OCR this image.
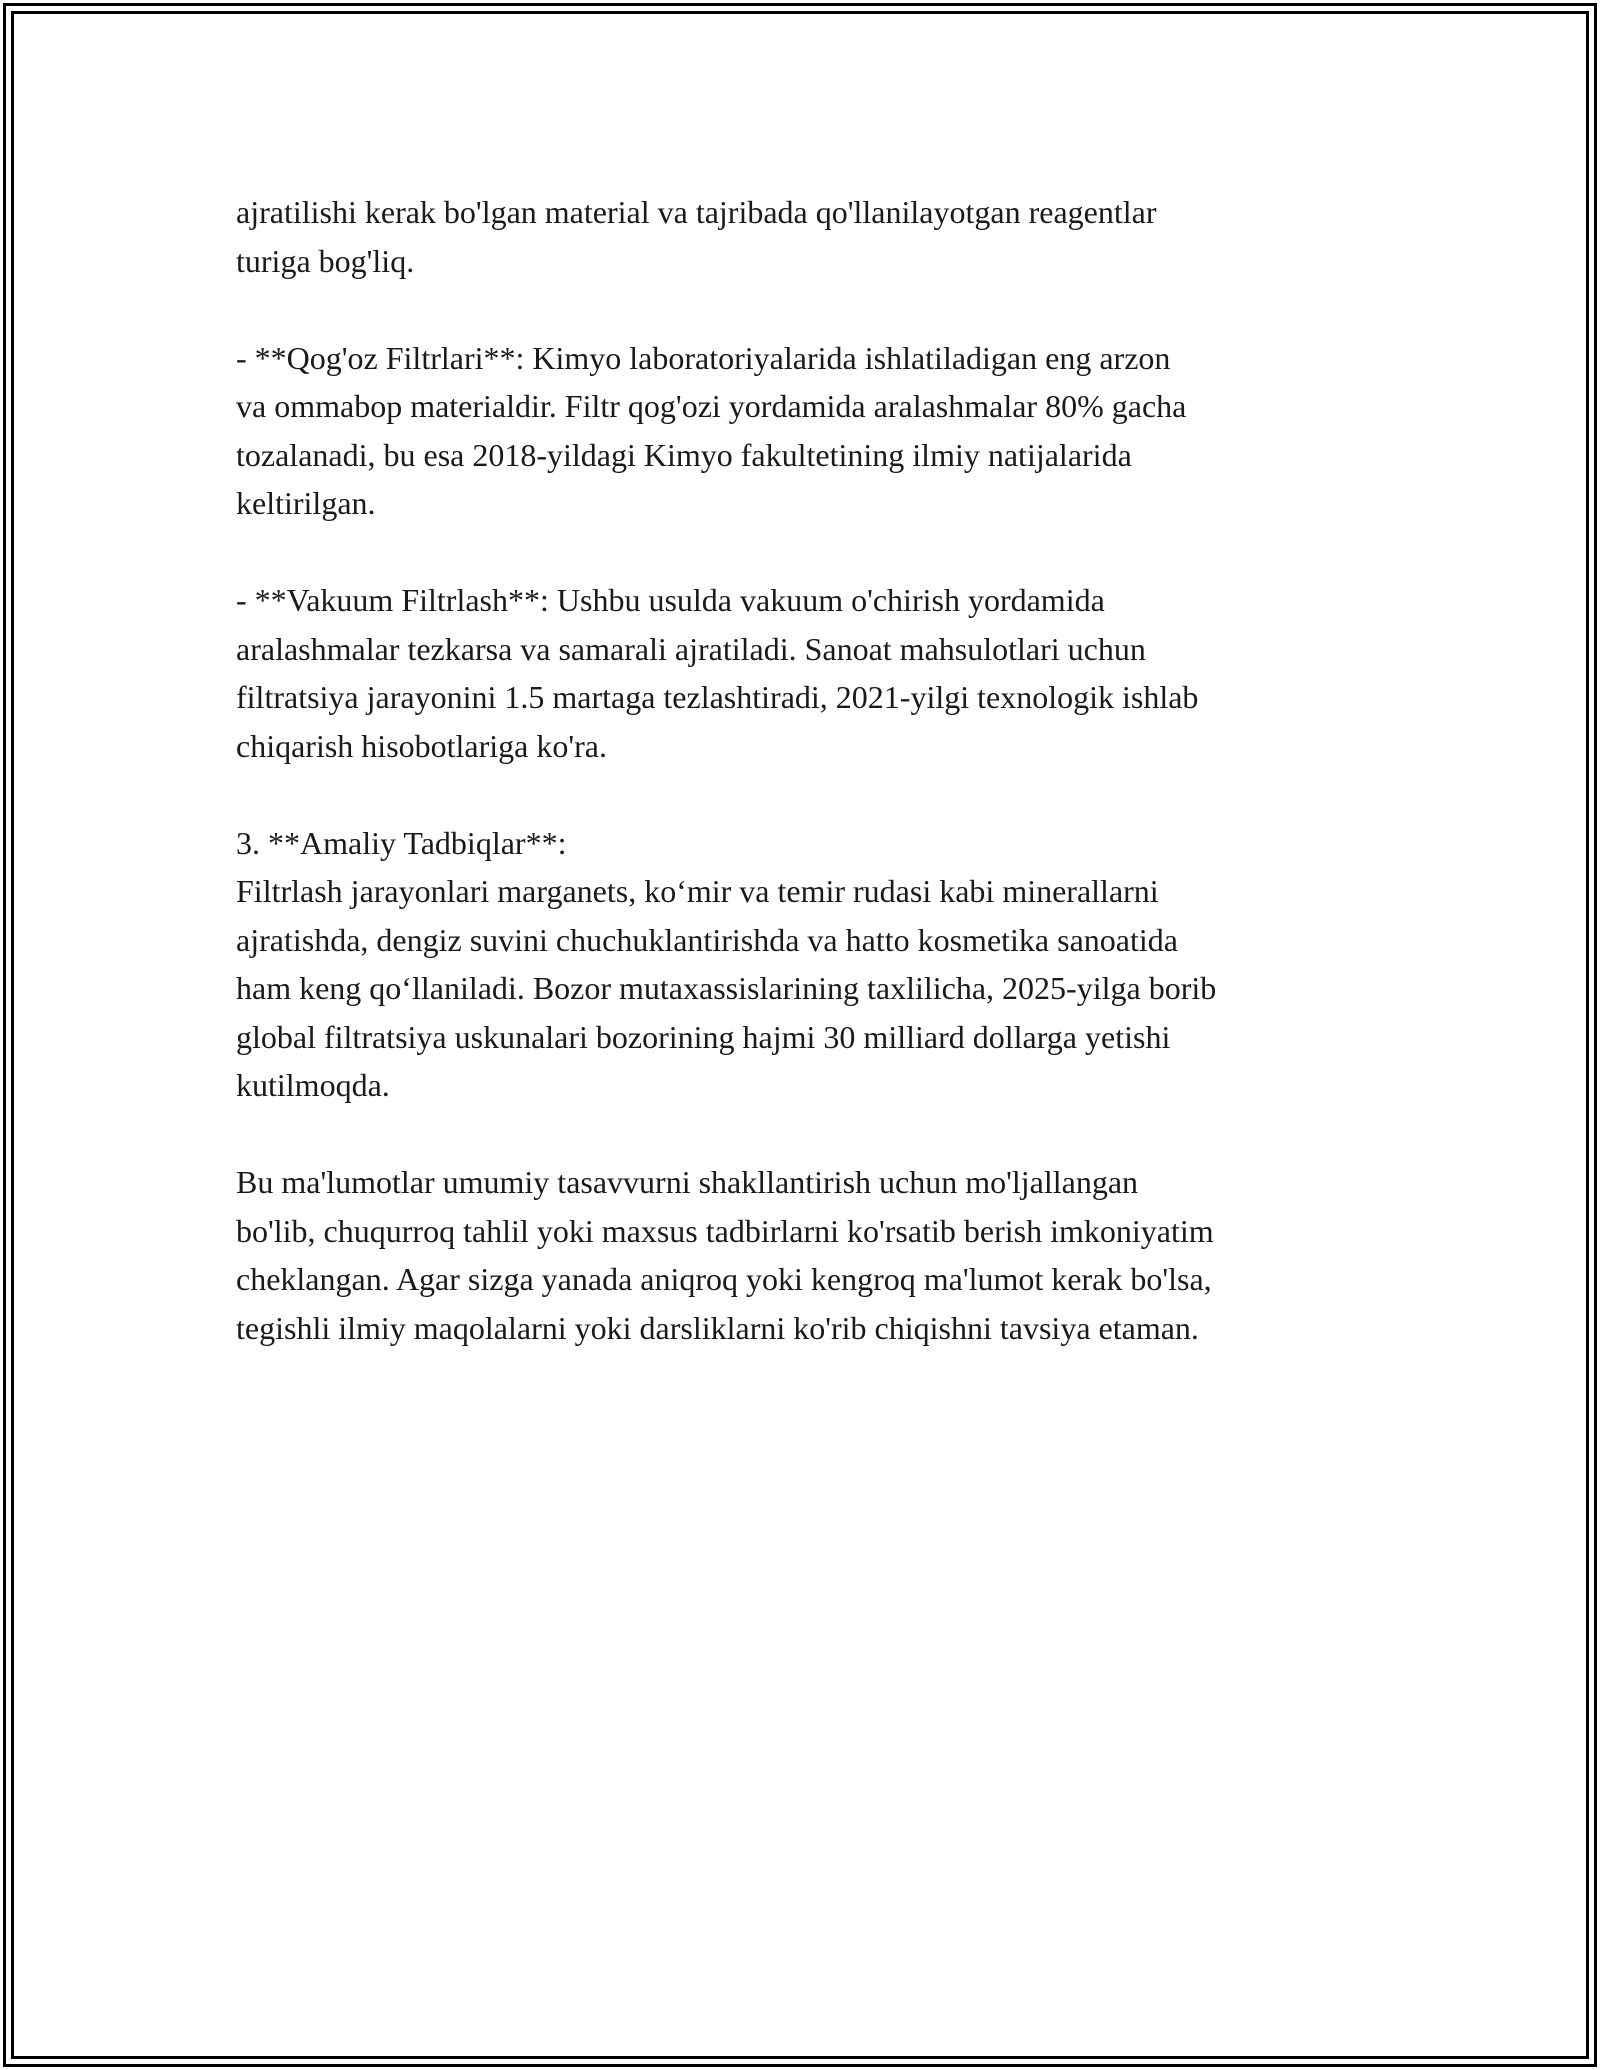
ajratilishi kerak bo'lgan material va tajribada qo'llanilayotgan reagentlar
turiga bog'liq.

- **Qog'oz Filtrlari**: Kimyo laboratoriyalarida ishlatiladigan eng arzon
va ommabop materialdir. Filtr qog'ozi yordamida aralashmalar 80% gacha
tozalanadi, bu esa 2018-yildagi Kimyo fakultetining ilmiy natijalarida
keltirilgan.

- **Vakuum Filtrlash**: Ushbu usulda vakuum o'chirish yordamida
aralashmalar tezkarsa va samarali ajratiladi. Sanoat mahsulotlari uchun
filtratsiya jarayonini 1.5 martaga tezlashtiradi, 2021-yilgi texnologik ishlab
chiqarish hisobotlariga ko'ra.

3. **Amaliy Tadbiqlar**:
Filtrlash jarayonlari marganets, ko‘mir va temir rudasi kabi minerallarni
ajratishda, dengiz suvini chuchuklantirishda va hatto kosmetika sanoatida
ham keng qo‘llaniladi. Bozor mutaxassislarining taxlilicha, 2025-yilga borib
global filtratsiya uskunalari bozorining hajmi 30 milliard dollarga yetishi
kutilmoqda.

Bu ma'lumotlar umumiy tasavvurni shakllantirish uchun mo'ljallangan
bo'lib, chuqurroq tahlil yoki maxsus tadbirlarni ko'rsatib berish imkoniyatim
cheklangan. Agar sizga yanada aniqroq yoki kengroq ma'lumot kerak bo'lsa,
tegishli ilmiy maqolalarni yoki darsliklarni ko'rib chiqishni tavsiya etaman.
